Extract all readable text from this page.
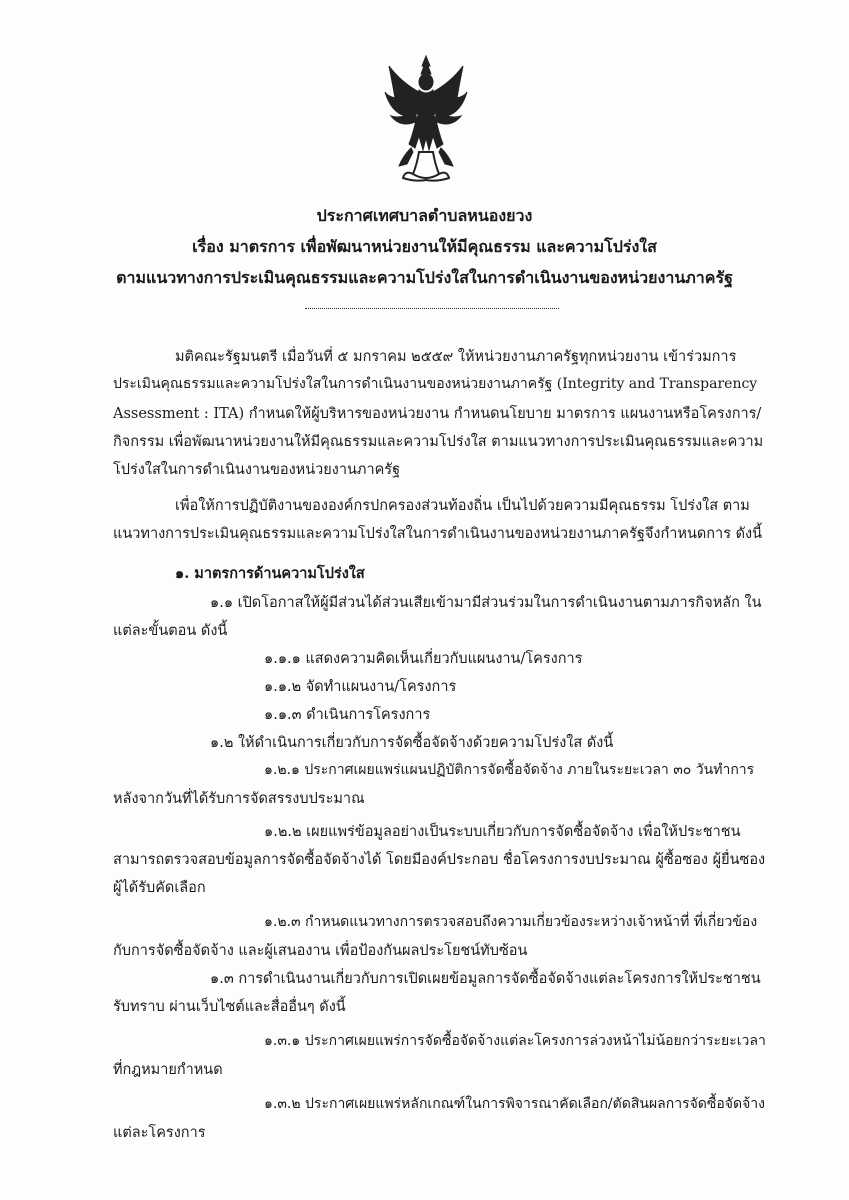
ประกาศเทศบาลตำบลหนองยวง
เรื่อง มาตรการ เพื่อพัฒนาหน่วยงานให้มีคุณธรรม และความโปร่งใส
ตามแนวทางการประเมินคุณธรรมและความโปร่งใสในการดำเนินงานของหน่วยงานภาครัฐ
มติคณะรัฐมนตรี เมื่อวันที่ ๕ มกราคม ๒๕๕๙ ให้หน่วยงานภาครัฐทุกหน่วยงาน เข้าร่วมการ
ประเมินคุณธรรมและความโปร่งใสในการดำเนินงานของหน่วยงานภาครัฐ (Integrity and Transparency
Assessment : ITA) กำหนดให้ผู้บริหารของหน่วยงาน กำหนดนโยบาย มาตรการ แผนงานหรือโครงการ/
กิจกรรม เพื่อพัฒนาหน่วยงานให้มีคุณธรรมและความโปร่งใส ตามแนวทางการประเมินคุณธรรมและความ
โปร่งใสในการดำเนินงานของหน่วยงานภาครัฐ
เพื่อให้การปฏิบัติงานขององค์กรปกครองส่วนท้องถิ่น เป็นไปด้วยความมีคุณธรรม โปร่งใส ตาม
แนวทางการประเมินคุณธรรมและความโปร่งใสในการดำเนินงานของหน่วยงานภาครัฐจึงกำหนดการ ดังนี้
๑. มาตรการด้านความโปร่งใส
๑.๑ เปิดโอกาสให้ผู้มีส่วนได้ส่วนเสียเข้ามามีส่วนร่วมในการดำเนินงานตามภารกิจหลัก ใน
แต่ละขั้นตอน ดังนี้
๑.๑.๑ แสดงความคิดเห็นเกี่ยวกับแผนงาน/โครงการ
๑.๑.๒ จัดทำแผนงาน/โครงการ
๑.๑.๓ ดำเนินการโครงการ
๑.๒ ให้ดำเนินการเกี่ยวกับการจัดซื้อจัดจ้างด้วยความโปร่งใส ดังนี้
๑.๒.๑ ประกาศเผยแพร่แผนปฏิบัติการจัดซื้อจัดจ้าง ภายในระยะเวลา ๓๐ วันทำการ
หลังจากวันที่ได้รับการจัดสรรงบประมาณ
๑.๒.๒ เผยแพร่ข้อมูลอย่างเป็นระบบเกี่ยวกับการจัดซื้อจัดจ้าง เพื่อให้ประชาชน
สามารถตรวจสอบข้อมูลการจัดซื้อจัดจ้างได้ โดยมีองค์ประกอบ ชื่อโครงการงบประมาณ ผู้ซื้อซอง ผู้ยื่นซอง
ผู้ได้รับคัดเลือก
๑.๒.๓ กำหนดแนวทางการตรวจสอบถึงความเกี่ยวข้องระหว่างเจ้าหน้าที่ ที่เกี่ยวข้อง
กับการจัดซื้อจัดจ้าง และผู้เสนองาน เพื่อป้องกันผลประโยชน์ทับซ้อน
๑.๓ การดำเนินงานเกี่ยวกับการเปิดเผยข้อมูลการจัดซื้อจัดจ้างแต่ละโครงการให้ประชาชน
รับทราบ ผ่านเว็บไซต์และสื่ออื่นๆ ดังนี้
๑.๓.๑ ประกาศเผยแพร่การจัดซื้อจัดจ้างแต่ละโครงการล่วงหน้าไม่น้อยกว่าระยะเวลา
ที่กฎหมายกำหนด
๑.๓.๒ ประกาศเผยแพร่หลักเกณฑ์ในการพิจารณาคัดเลือก/ตัดสินผลการจัดซื้อจัดจ้าง
แต่ละโครงการ
